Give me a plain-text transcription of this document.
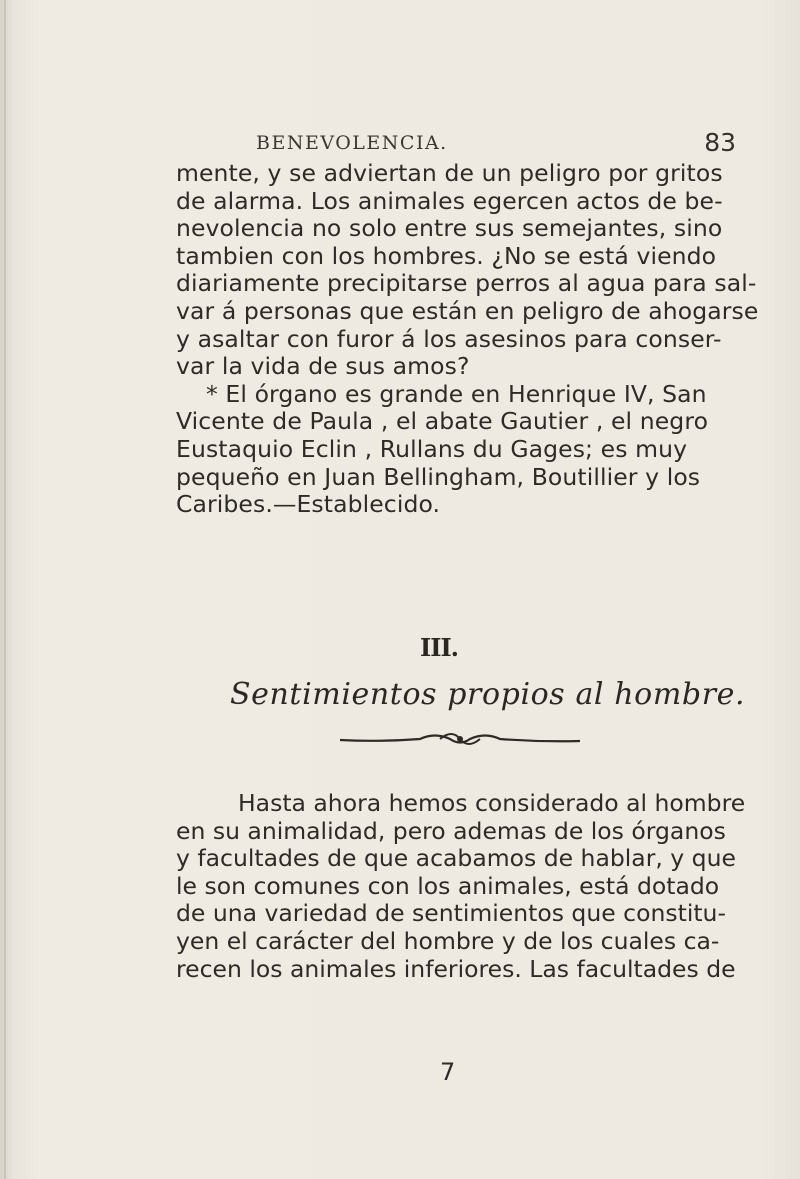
BENEVOLENCIA.	83
mente, y se adviertan de un peligro por gritos
de alarma. Los animales egercen actos de be-
nevolencia no solo entre sus semejantes, sino
tambien con los hombres. ¿No se está viendo
diariamente precipitarse perros al agua para sal-
var á personas que están en peligro de ahogarse
y asaltar con furor á los asesinos para conser-
var la vida de sus amos?
* El órgano es grande en Henrique IV, San
Vicente de Paula , el abate Gautier , el negro
Eustaquio Eclin , Rullans du Gages; es muy
pequeño en Juan Bellingham, Boutillier y los
Caribes.—Establecido.
III.
Sentimientos propios al hombre.
Hasta ahora hemos considerado al hombre
en su animalidad, pero ademas de los órganos
y facultades de que acabamos de hablar, y que
le son comunes con los animales, está dotado
de una variedad de sentimientos que constitu-
yen el carácter del hombre y de los cuales ca-
recen los animales inferiores. Las facultades de
7
